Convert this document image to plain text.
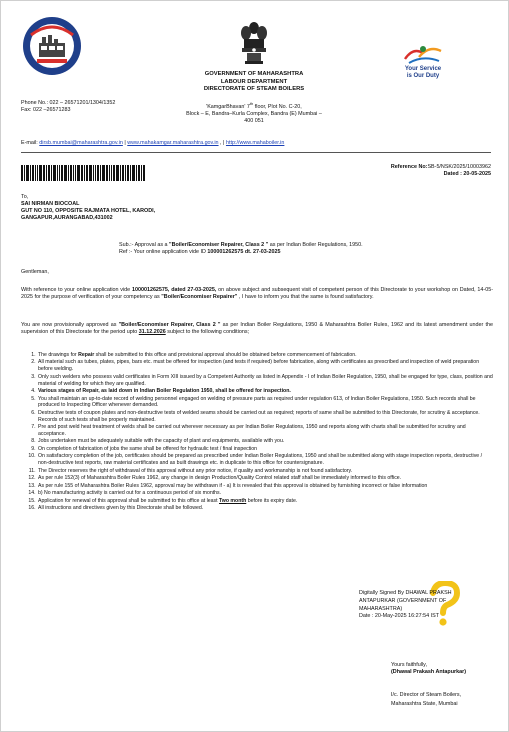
Your Service
is Our Duty
GOVERNMENT OF MAHARASHTRA
LABOUR DEPARTMENT
DIRECTORATE OF STEAM BOILERS
'KamgarBhavan' 7th floor, Plot No. C-20,
Block – E, Bandra–Kurla Complex, Bandra (E) Mumbai –
400 051
Phone No.: 022 – 26571201/1304/1352
Fax: 022 –26571283
E-mail: dirsb.mumbai@maharashtra.gov.in | www.mahakamgar.maharashtra.gov.in , | http://www.mahaboiler.in
Reference No:SB-5/NSK/2025/10003962
Dated : 20-05-2025
To,
SAI NIRMAN BIOCOAL
GUT NO 110, OPPOSITE RAJMATA HOTEL, KARODI,
GANGAPUR,AURANGABAD,431002
Sub.:- Approval as a "Boiler/Economiser Repairer, Class 2 " as per Indian Boiler Regulations, 1950.
Ref :- Your online application vide ID 100001262575 dt. 27-03-2025
Gentleman,
With reference to your online application vide 100001262575, dated 27-03-2025, on above subject and subsequent visit of competent person of this Directorate to your workshop on Dated, 14-05-2025 for the purpose of verification of your competency as "Boiler/Economiser Repairer" , I have to inform you that the same is found satisfactory.
You are now provisionally approved as "Boiler/Economiser Repairer, Class 2 " as per Indian Boiler Regulations, 1950 & Maharashtra Boiler Rules, 1962 and its latest amendment under the supervision of this Directorate for the period upto 31.12.2026 subject to the following conditions;
1. The drawings for Repair shall be submitted to this office and provisional approval should be obtained before commencement of fabrication.
2. All material such as tubes, plates, pipes, bars etc. must be offered for inspection (and tests if required) before fabrication, along with certificates as prescribed and inspection of weld preparation before welding.
3. Only such welders who possess valid certificates in Form XIII issued by a Competent Authority as listed in Appendix - I of Indian Boiler Regulation, 1950, shall be engaged for type, class, position and material of welding for which they are qualified.
4. Various stages of Repair, as laid down in Indian Boiler Regulation 1950, shall be offered for inspection.
5. You shall maintain an up-to-date record of welding personnel engaged on welding of pressure parts as required under regulation 613, of Indian Boiler Regulations, 1950. Such records shall be produced to Inspecting Officer whenever demanded.
6. Destructive tests of coupon plates and non-destructive tests of welded seams should be carried out as required; reports of same shall be submitted to this Directorate, for scrutiny & acceptance. Records of such tests shall be properly maintained.
7. Pre and post weld heat treatment of welds shall be carried out wherever necessary as per Indian Boiler Regulations, 1950 and reports along with charts shall be submitted for scrutiny and acceptance.
8. Jobs undertaken must be adequately suitable with the capacity of plant and equipments, available with you.
9. On completion of fabrication of jobs the same shall be offered for hydraulic test / final inspection
10. On satisfactory completion of the job, certificates should be prepared as prescribed under Indian Boiler Regulations, 1950 and shall be submitted along with stage inspection reports, destructive / non-destructive test reports, raw material certificates and as built drawings etc. in duplicate to this office for countersignature.
11. The Director reserves the right of withdrawal of this approval without any prior notice, if quality and workmanship is not found satisfactory.
12. As per rule 152(3) of Maharashtra Boiler Rules 1962, any change in design Production/Quality Control related staff shall be immediately informed to this office.
13. As per rule 155 of Maharashtra Boiler Rules 1962, approval may be withdrawn if - a) It is revealed that this approval is obtained by furnishing incorrect or false information
14. b) No manufacturing activity is carried out for a continuous period of six months.
15. Application for renewal of this approval shall be submitted to this office at least Two month before its expiry date.
16. All instructions and directives given by this Directorate shall be followed.
Digitally Signed By DHAWAL PRAKSH
ANTAPURKAR (GOVERNMENT OF
MAHARASHTRA)
Date : 20-May-2025 16:27:54 IST
Yours faithfully,
(Dhawal Prakash Antapurkar)
I/c. Director of Steam Boilers,
Maharashtra State, Mumbai
